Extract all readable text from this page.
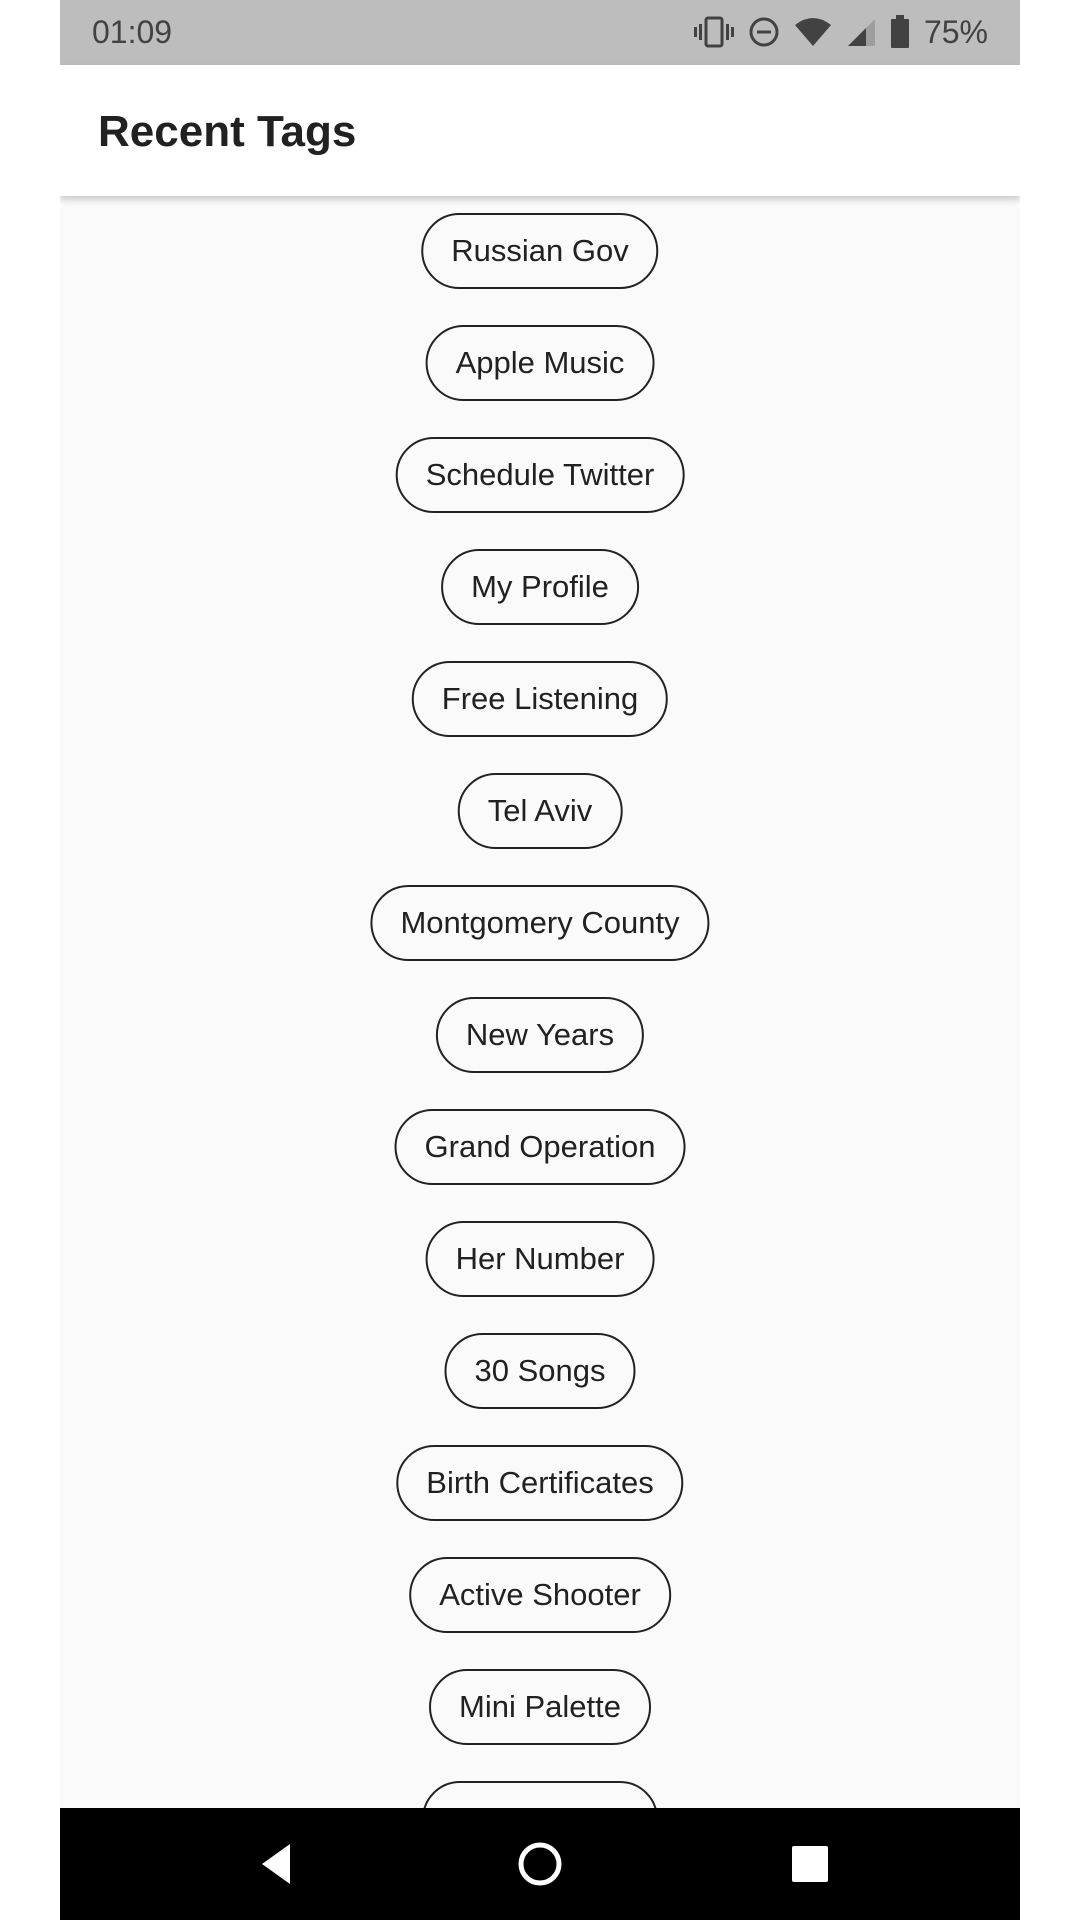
01:09	75%
Recent Tags
Russian Gov
Apple Music
Schedule Twitter
My Profile
Free Listening
Tel Aviv
Montgomery County
New Years
Grand Operation
Her Number
30 Songs
Birth Certificates
Active Shooter
Mini Palette
